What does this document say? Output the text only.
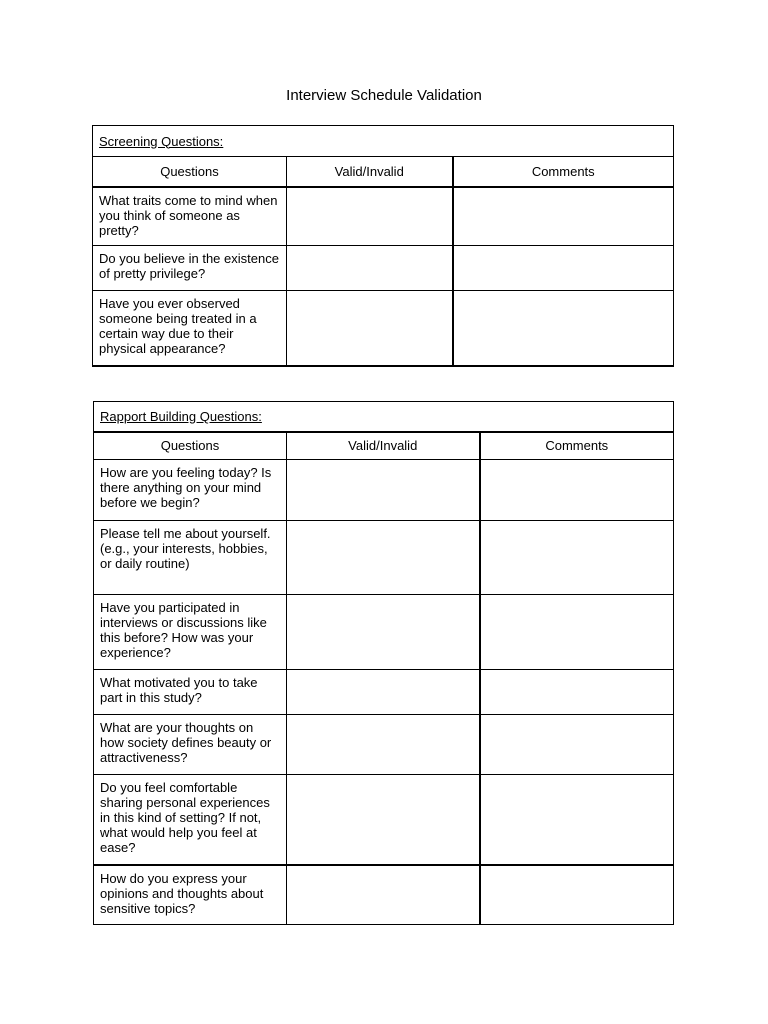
Interview Schedule Validation
Screening Questions:		
Questions	Valid/Invalid	Comments
What traits come to mind when you think of someone as pretty?		
Do you believe in the existence of pretty privilege?		
Have you ever observed someone being treated in a certain way due to their physical appearance?		
Rapport Building Questions:		
Questions	Valid/Invalid	Comments
How are you feeling today? Is there anything on your mind before we begin?		
Please tell me about yourself. (e.g., your interests, hobbies, or daily routine)		
Have you participated in interviews or discussions like this before? How was your experience?		
What motivated you to take part in this study?		
What are your thoughts on how society defines beauty or attractiveness?		
Do you feel comfortable sharing personal experiences in this kind of setting? If not, what would help you feel at ease?		
How do you express your opinions and thoughts about sensitive topics?		
